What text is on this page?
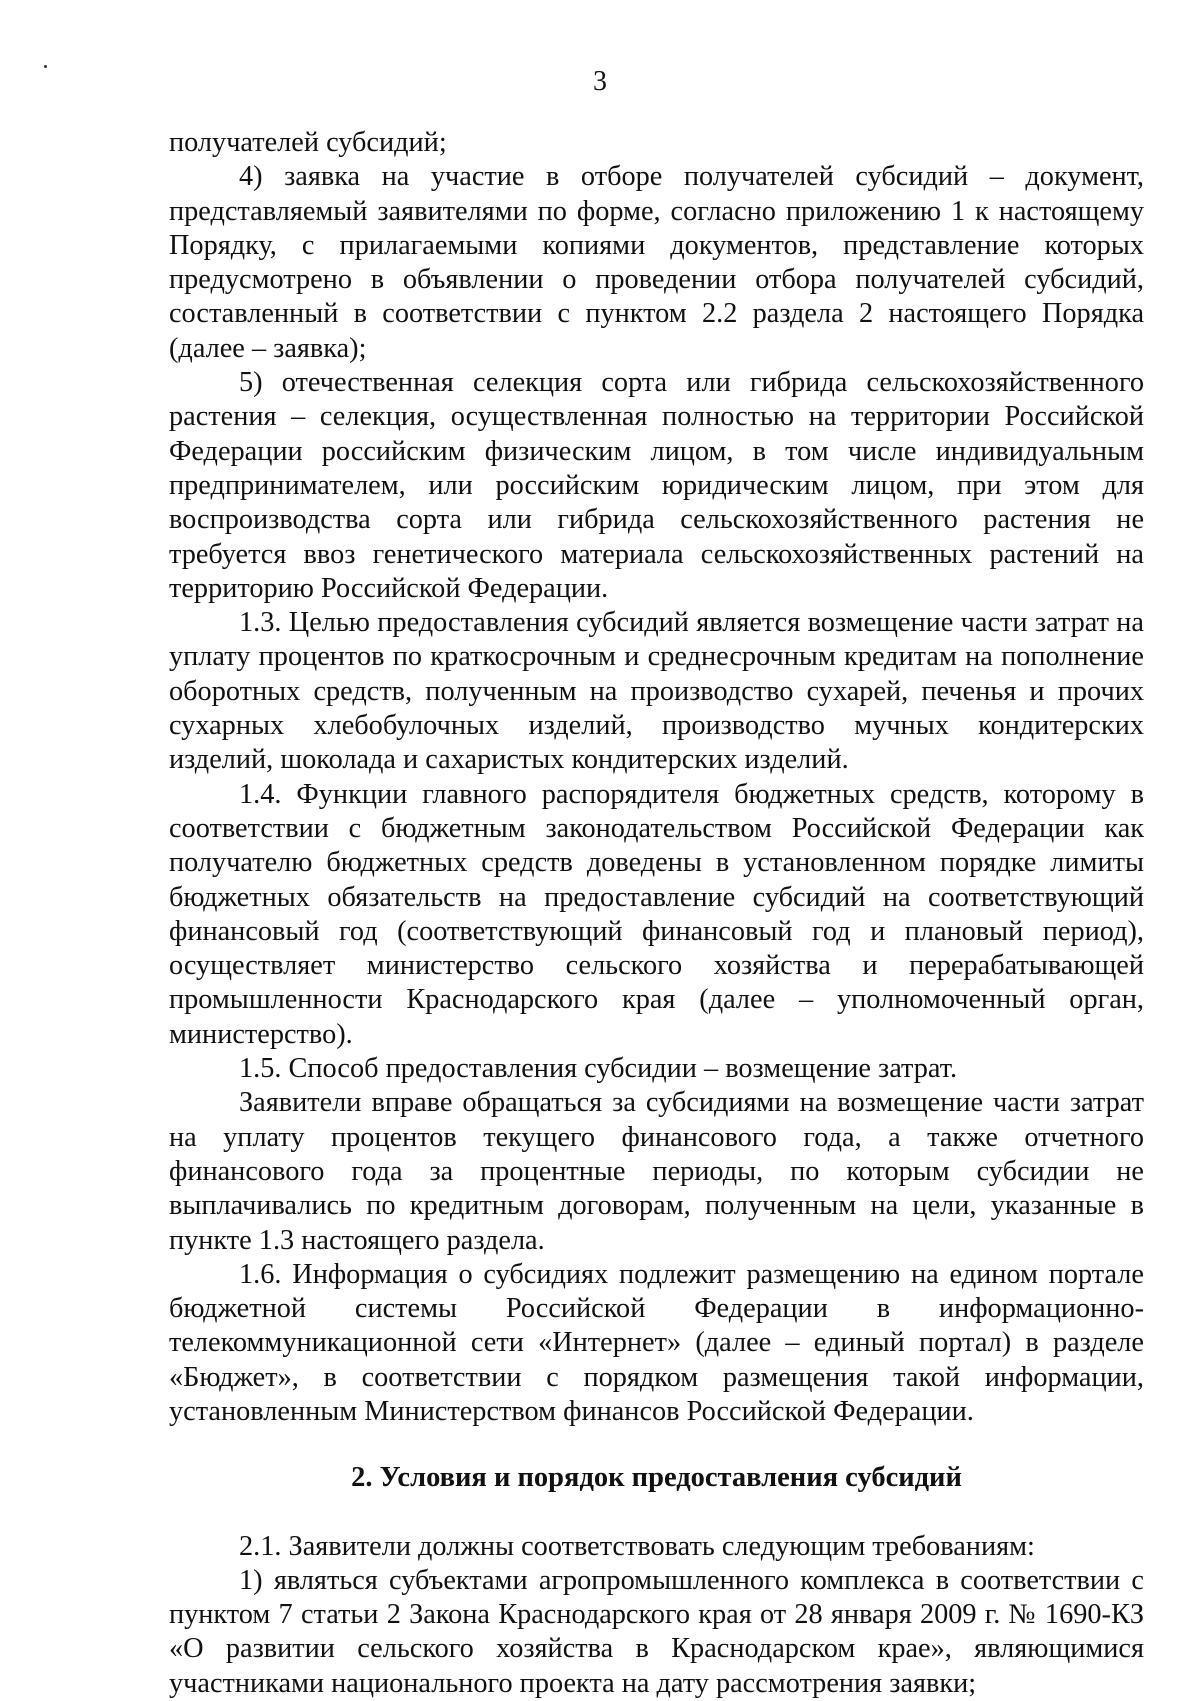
3

получателей субсидий;

4) заявка на участие в отборе получателей субсидий – документ, представляемый заявителями по форме, согласно приложению 1 к настоящему Порядку, с прилагаемыми копиями документов, представление которых предусмотрено в объявлении о проведении отбора получателей субсидий, составленный в соответствии с пунктом 2.2 раздела 2 настоящего Порядка (далее – заявка);

5) отечественная селекция сорта или гибрида сельскохозяйственного растения – селекция, осуществленная полностью на территории Российской Федерации российским физическим лицом, в том числе индивидуальным предпринимателем, или российским юридическим лицом, при этом для воспроизводства сорта или гибрида сельскохозяйственного растения не требуется ввоз генетического материала сельскохозяйственных растений на территорию Российской Федерации.

1.3. Целью предоставления субсидий является возмещение части затрат на уплату процентов по краткосрочным и среднесрочным кредитам на пополнение оборотных средств, полученным на производство сухарей, печенья и прочих сухарных хлебобулочных изделий, производство мучных кондитерских изделий, шоколада и сахаристых кондитерских изделий.

1.4. Функции главного распорядителя бюджетных средств, которому в соответствии с бюджетным законодательством Российской Федерации как получателю бюджетных средств доведены в установленном порядке лимиты бюджетных обязательств на предоставление субсидий на соответствующий финансовый год (соответствующий финансовый год и плановый период), осуществляет министерство сельского хозяйства и перерабатывающей промышленности Краснодарского края (далее – уполномоченный орган, министерство).

1.5. Способ предоставления субсидии – возмещение затрат.

Заявители вправе обращаться за субсидиями на возмещение части затрат на уплату процентов текущего финансового года, а также отчетного финансового года за процентные периоды, по которым субсидии не выплачивались по кредитным договорам, полученным на цели, указанные в пункте 1.3 настоящего раздела.

1.6. Информация о субсидиях подлежит размещению на едином портале бюджетной системы Российской Федерации в информационно-телекоммуникационной сети «Интернет» (далее – единый портал) в разделе «Бюджет», в соответствии с порядком размещения такой информации, установленным Министерством финансов Российской Федерации.

2. Условия и порядок предоставления субсидий

2.1. Заявители должны соответствовать следующим требованиям:

1) являться субъектами агропромышленного комплекса в соответствии с пунктом 7 статьи 2 Закона Краснодарского края от 28 января 2009 г. № 1690-КЗ «О развитии сельского хозяйства в Краснодарском крае», являющимися участниками национального проекта на дату рассмотрения заявки;
